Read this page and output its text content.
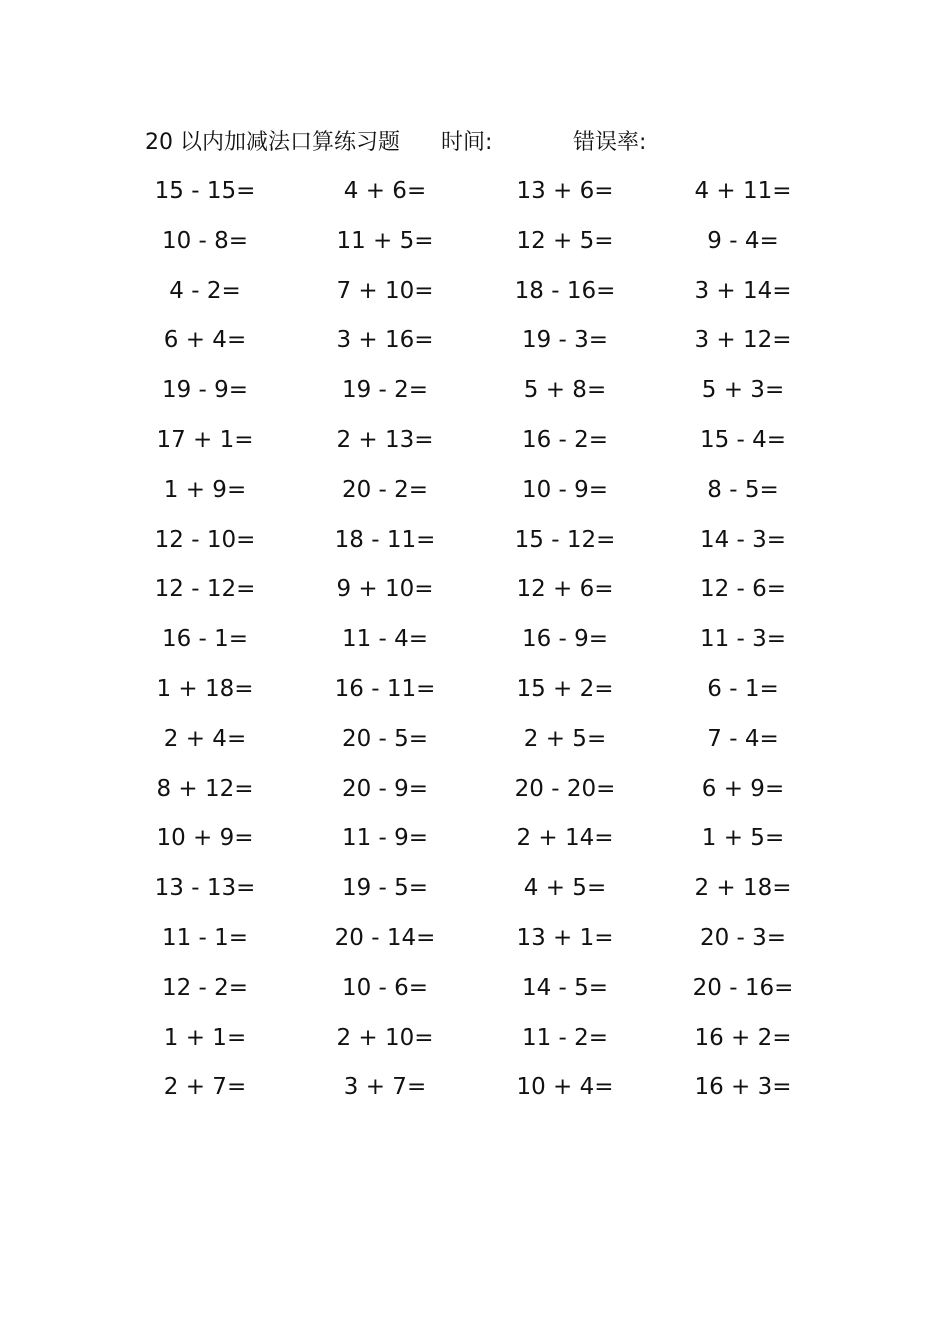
20 以内加减法口算练习题 时间:	错误率:
15 - 15=	4 + 6=	13 + 6=	4 + 11=
10 - 8=	11 + 5=	12 + 5=	9 - 4=
4 - 2=	7 + 10=	18 - 16=	3 + 14=
6 + 4=	3 + 16=	19 - 3=	3 + 12=
19 - 9=	19 - 2=	5 + 8=	5 + 3=
17 + 1=	2 + 13=	16 - 2=	15 - 4=
1 + 9=	20 - 2=	10 - 9=	8 - 5=
12 - 10=	18 - 11=	15 - 12=	14 - 3=
12 - 12=	9 + 10=	12 + 6=	12 - 6=
16 - 1=	11 - 4=	16 - 9=	11 - 3=
1 + 18=	16 - 11=	15 + 2=	6 - 1=
2 + 4=	20 - 5=	2 + 5=	7 - 4=
8 + 12=	20 - 9=	20 - 20=	6 + 9=
10 + 9=	11 - 9=	2 + 14=	1 + 5=
13 - 13=	19 - 5=	4 + 5=	2 + 18=
11 - 1=	20 - 14=	13 + 1=	20 - 3=
12 - 2=	10 - 6=	14 - 5=	20 - 16=
1 + 1=	2 + 10=	11 - 2=	16 + 2=
2 + 7=	3 + 7=	10 + 4=	16 + 3=
